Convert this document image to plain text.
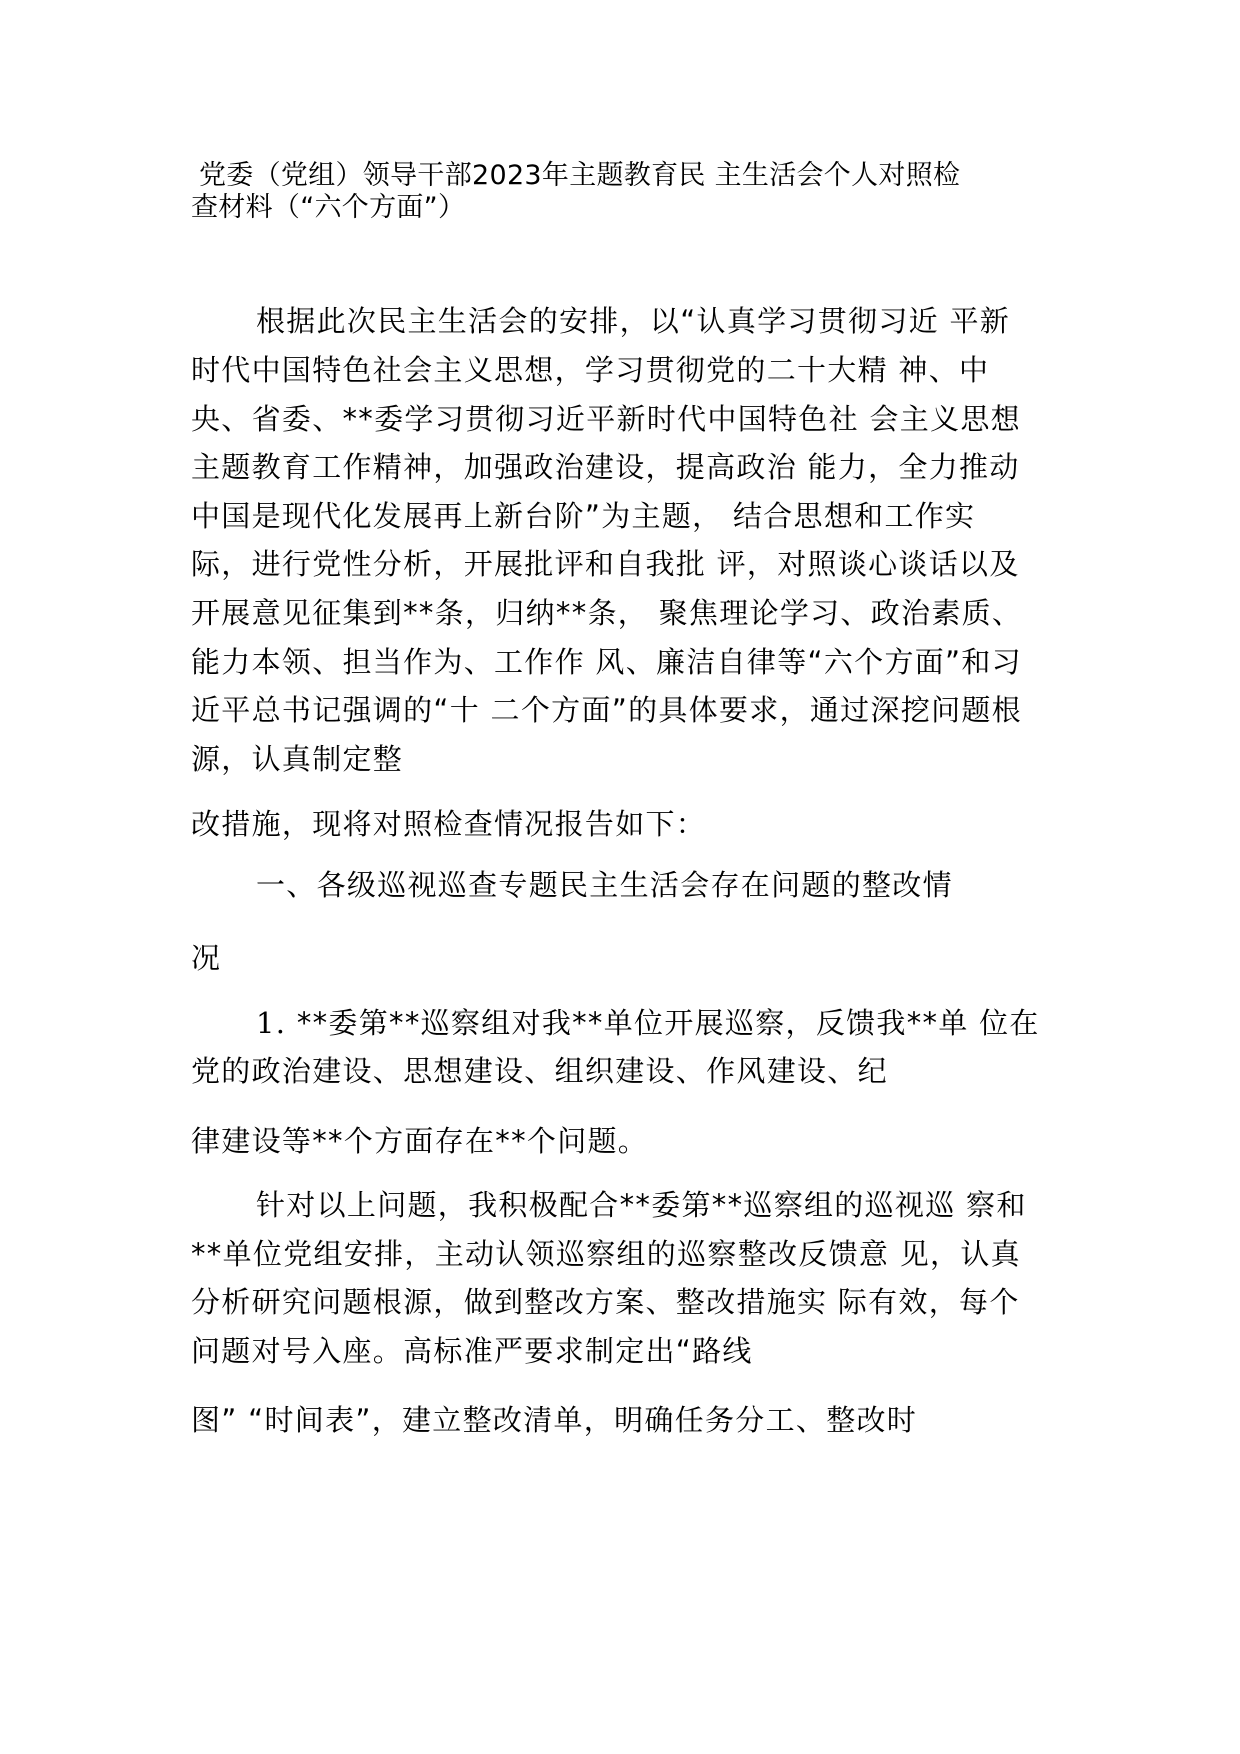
党委（党组）领导干部2023年主题教育民 主生活会个人对照检
查材料（“六个方面”）
根据此次民主生活会的安排，以“认真学习贯彻习近 平新
时代中国特色社会主义思想，学习贯彻党的二十大精 神、中
央、省委、**委学习贯彻习近平新时代中国特色社 会主义思想
主题教育工作精神，加强政治建设，提高政治 能力，全力推动
中国是现代化发展再上新台阶”为主题， 结合思想和工作实
际，进行党性分析，开展批评和自我批 评，对照谈心谈话以及
开展意见征集到**条，归纳**条， 聚焦理论学习、政治素质、
能力本领、担当作为、工作作 风、廉洁自律等“六个方面”和习
近平总书记强调的“十 二个方面”的具体要求，通过深挖问题根
源，认真制定整
改措施，现将对照检查情况报告如下：
一、各级巡视巡查专题民主生活会存在问题的整改情
况
1. **委第**巡察组对我**单位开展巡察，反馈我**单 位在
党的政治建设、思想建设、组织建设、作风建设、纪
律建设等**个方面存在**个问题。
针对以上问题，我积极配合**委第**巡察组的巡视巡 察和
**单位党组安排，主动认领巡察组的巡察整改反馈意 见，认真
分析研究问题根源，做到整改方案、整改措施实 际有效，每个
问题对号入座。高标准严要求制定出“路线
图” “时间表”，建立整改清单，明确任务分工、整改时
